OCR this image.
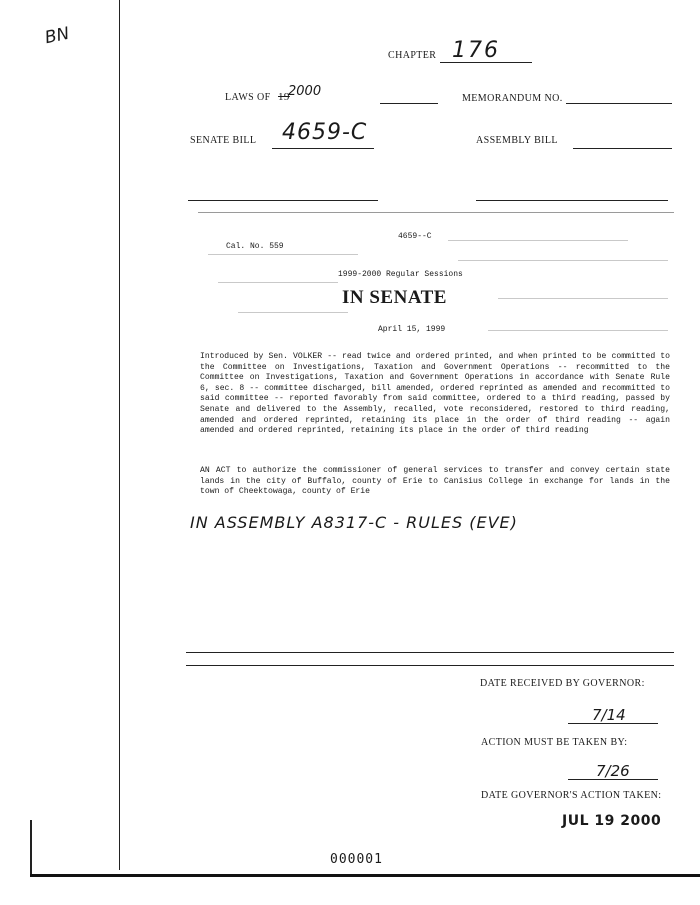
BN
CHAPTER 176
LAWS OF 19
2000	MEMORANDUM NO.
SENATE BILL 4659-C	ASSEMBLY BILL
4659--C
Cal. No. 559
1999-2000 Regular Sessions
IN SENATE
April 15, 1999
Introduced by Sen. VOLKER -- read twice and ordered printed, and when printed to be committed to the Committee on Investigations, Taxation and Government Operations -- recommitted to the Committee on Investigations, Taxation and Government Operations in accordance with Senate Rule 6, sec. 8 -- committee discharged, bill amended, ordered reprinted as amended and recommitted to said committee -- reported favorably from said committee, ordered to a third reading, passed by Senate and delivered to the Assembly, recalled, vote reconsidered, restored to third reading, amended and ordered reprinted, retaining its place in the order of third reading -- again amended and ordered reprinted, retaining its place in the order of third reading
AN ACT to authorize the commissioner of general services to transfer and convey certain state lands in the city of Buffalo, county of Erie to Canisius College in exchange for lands in the town of Cheektowaga, county of Erie
IN ASSEMBLY A8317-C - RULES (EVE)
DATE RECEIVED BY GOVERNOR:
7/14
ACTION MUST BE TAKEN BY:
7/26
DATE GOVERNOR'S ACTION TAKEN:
JUL 19 2000
000001
